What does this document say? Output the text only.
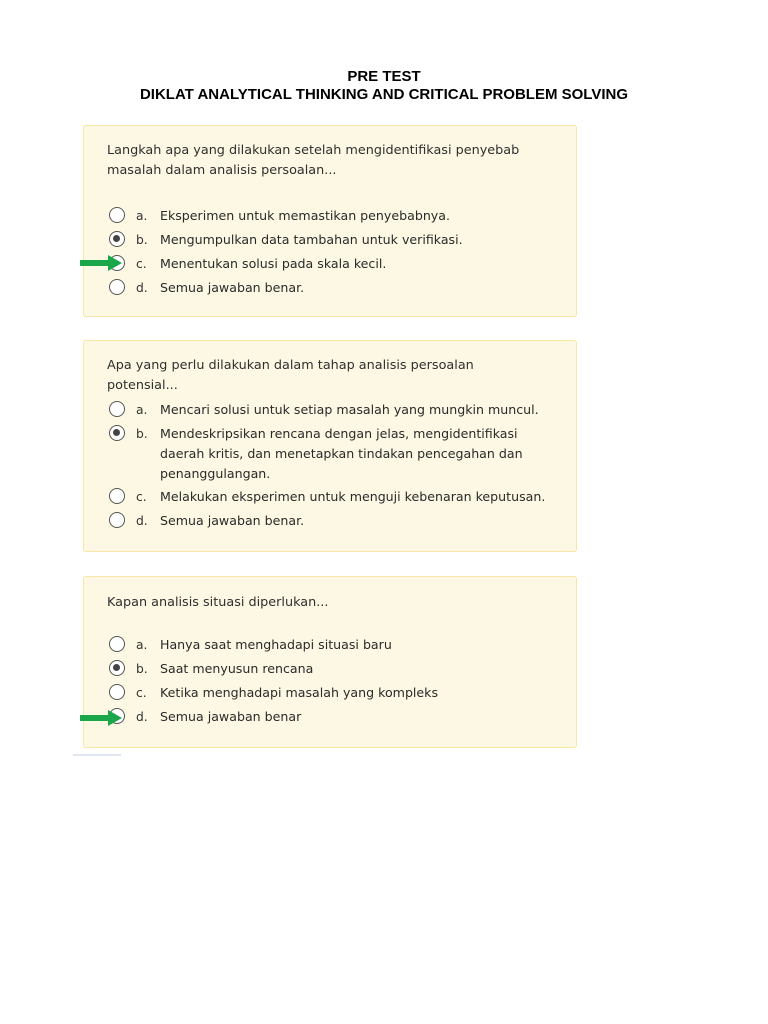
PRE TEST
DIKLAT ANALYTICAL THINKING AND CRITICAL PROBLEM SOLVING
Langkah apa yang dilakukan setelah mengidentifikasi penyebab masalah dalam analisis persoalan...
a. Eksperimen untuk memastikan penyebabnya.
b. Mengumpulkan data tambahan untuk verifikasi.
c. Menentukan solusi pada skala kecil.
d. Semua jawaban benar.
Apa yang perlu dilakukan dalam tahap analisis persoalan potensial...
a. Mencari solusi untuk setiap masalah yang mungkin muncul.
b. Mendeskripsikan rencana dengan jelas, mengidentifikasi daerah kritis, dan menetapkan tindakan pencegahan dan penanggulangan.
c. Melakukan eksperimen untuk menguji kebenaran keputusan.
d. Semua jawaban benar.
Kapan analisis situasi diperlukan...
a. Hanya saat menghadapi situasi baru
b. Saat menyusun rencana
c. Ketika menghadapi masalah yang kompleks
d. Semua jawaban benar
